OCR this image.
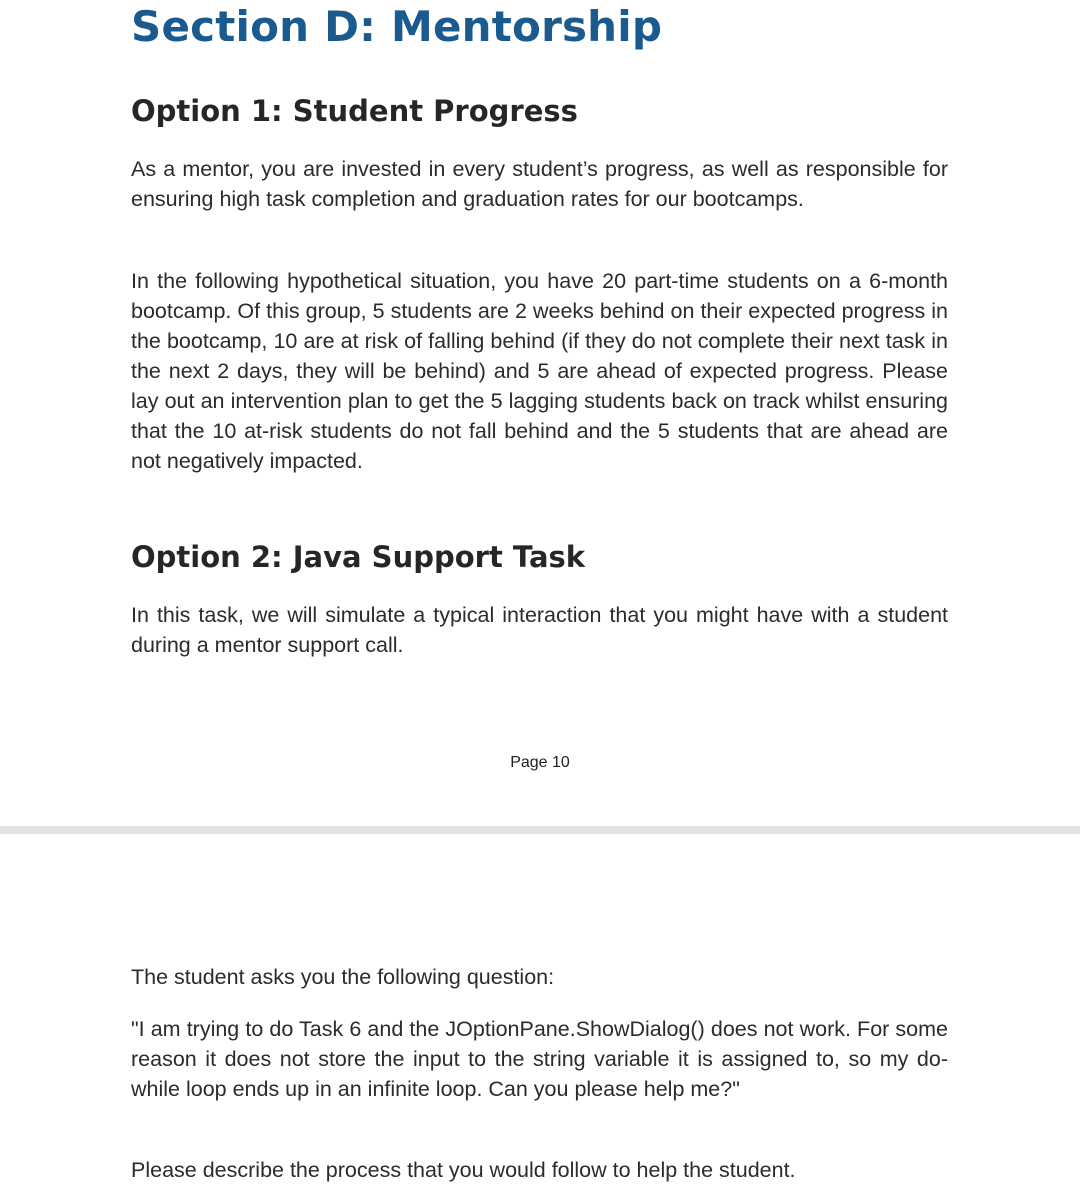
Section D: Mentorship
Option 1: Student Progress

As a mentor, you are invested in every student’s progress, as well as responsible for ensuring high task completion and graduation rates for our bootcamps.

In the following hypothetical situation, you have 20 part-time students on a 6-month bootcamp. Of this group, 5 students are 2 weeks behind on their expected progress in the bootcamp, 10 are at risk of falling behind (if they do not complete their next task in the next 2 days, they will be behind) and 5 are ahead of expected progress. Please lay out an intervention plan to get the 5 lagging students back on track whilst ensuring that the 10 at-risk students do not fall behind and the 5 students that are ahead are not negatively impacted.

Option 2: Java Support Task

In this task, we will simulate a typical interaction that you might have with a student during a mentor support call.

Page 10

The student asks you the following question:

"I am trying to do Task 6 and the JOptionPane.ShowDialog() does not work. For some reason it does not store the input to the string variable it is assigned to, so my do-while loop ends up in an infinite loop. Can you please help me?"

Please describe the process that you would follow to help the student.
